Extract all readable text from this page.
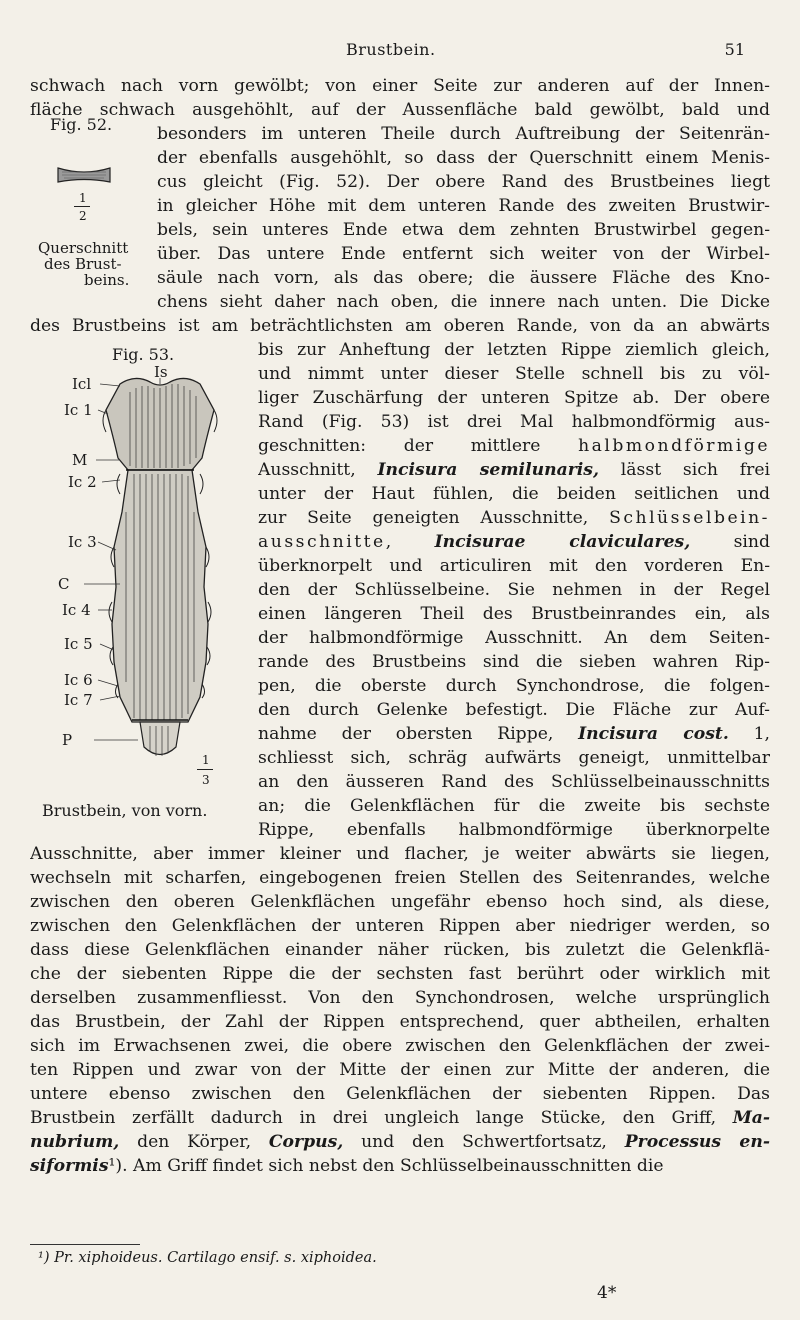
Brustbein.	51
schwach nach vorn gewölbt; von einer Seite zur anderen auf der Innen-
fläche schwach ausgehöhlt, auf der Aussenfläche bald gewölbt, bald und
besonders im unteren Theile durch Auftreibung der Seitenrän-
der ebenfalls ausgehöhlt, so dass der Querschnitt einem Menis-
cus gleicht (Fig. 52). Der obere Rand des Brustbeines liegt
in gleicher Höhe mit dem unteren Rande des zweiten Brustwir-
bels, sein unteres Ende etwa dem zehnten Brustwirbel gegen-
über. Das untere Ende entfernt sich weiter von der Wirbel-
säule nach vorn, als das obere; die äussere Fläche des Kno-
chens sieht daher nach oben, die innere nach unten. Die Dicke
des Brustbeins ist am beträchtlichsten am oberen Rande, von da an abwärts
bis zur Anheftung der letzten Rippe ziemlich gleich,
und nimmt unter dieser Stelle schnell bis zu völ-
liger Zuschärfung der unteren Spitze ab. Der obere
Rand (Fig. 53) ist drei Mal halbmondförmig aus-
geschnitten: der mittlere halbmondförmige
Ausschnitt, Incisura semilunaris, lässt sich frei
unter der Haut fühlen, die beiden seitlichen und
zur Seite geneigten Ausschnitte, Schlüsselbein-
ausschnitte, Incisurae claviculares, sind
überknorpelt und articuliren mit den vorderen En-
den der Schlüsselbeine. Sie nehmen in der Regel
einen längeren Theil des Brustbeinrandes ein, als
der halbmondförmige Ausschnitt. An dem Seiten-
rande des Brustbeins sind die sieben wahren Rip-
pen, die oberste durch Synchondrose, die folgen-
den durch Gelenke befestigt. Die Fläche zur Auf-
nahme der obersten Rippe, Incisura cost. 1,
schliesst sich, schräg aufwärts geneigt, unmittelbar
an den äusseren Rand des Schlüsselbeinausschnitts
an; die Gelenkflächen für die zweite bis sechste
Rippe, ebenfalls halbmondförmige überknorpelte
Ausschnitte, aber immer kleiner und flacher, je weiter abwärts sie liegen,
wechseln mit scharfen, eingebogenen freien Stellen des Seitenrandes, welche
zwischen den oberen Gelenkflächen ungefähr ebenso hoch sind, als diese,
zwischen den Gelenkflächen der unteren Rippen aber niedriger werden, so
dass diese Gelenkflächen einander näher rücken, bis zuletzt die Gelenkflä-
che der siebenten Rippe die der sechsten fast berührt oder wirklich mit
derselben zusammenfliesst. Von den Synchondrosen, welche ursprünglich
das Brustbein, der Zahl der Rippen entsprechend, quer abtheilen, erhalten
sich im Erwachsenen zwei, die obere zwischen den Gelenkflächen der zwei-
ten Rippen und zwar von der Mitte der einen zur Mitte der anderen, die
untere ebenso zwischen den Gelenkflächen der siebenten Rippen. Das
Brustbein zerfällt dadurch in drei ungleich lange Stücke, den Griff, Ma-
nubrium, den Körper, Corpus, und den Schwertfortsatz, Processus en-
siformis¹). Am Griff findet sich nebst den Schlüsselbeinausschnitten die
Fig. 52.
1
2
Querschnitt
des Brust-
beins.
Fig. 53.
Is
Icl
Ic 1
M
Ic 2
Ic 3
C
Ic 4
Ic 5
Ic 6
Ic 7
P
1
3
Brustbein, von vorn.
¹) Pr. xiphoideus. Cartilago ensif. s. xiphoidea.
4*
